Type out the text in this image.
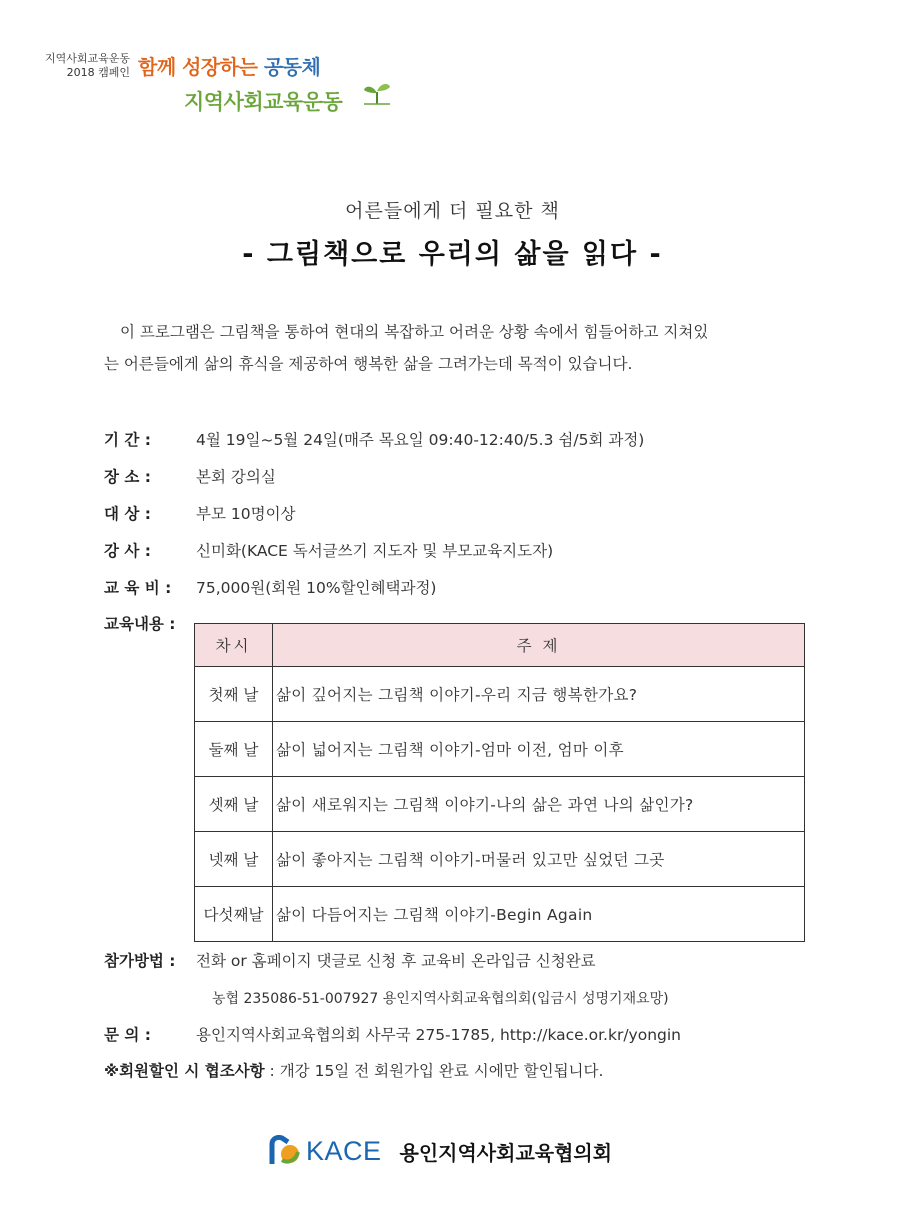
지역사회교육운동
2018 캠페인 함께 성장하는 공동체
지역사회교육운동
어른들에게 더 필요한 책
- 그림책으로 우리의 삶을 읽다 -
이 프로그램은 그림책을 통하여 현대의 복잡하고 어려운 상황 속에서 힘들어하고 지쳐있
는 어른들에게 삶의 휴식을 제공하여 행복한 삶을 그려가는데 목적이 있습니다.
기 간 :	4월 19일~5월 24일(매주 목요일 09:40-12:40/5.3 쉼/5회 과정)
장 소 :	본회 강의실
대 상 :	부모 10명이상
강 사 :	신미화(KACE 독서글쓰기 지도자 및 부모교육지도자)
교 육 비 : 75,000원(회원 10%할인혜택과정)
교육내용 :
차시	주 제
첫째 날	삶이 깊어지는 그림책 이야기-우리 지금 행복한가요?
둘째 날	삶이 넓어지는 그림책 이야기-엄마 이전, 엄마 이후
셋째 날	삶이 새로워지는 그림책 이야기-나의 삶은 과연 나의 삶인가?
넷째 날	삶이 좋아지는 그림책 이야기-머물러 있고만 싶었던 그곳
다섯째날	삶이 다듬어지는 그림책 이야기-Begin Again
참가방법 : 전화 or 홈페이지 댓글로 신청 후 교육비 온라입금 신청완료
농협 235086-51-007927 용인지역사회교육협의회(입금시 성명기재요망)
문 의 :	용인지역사회교육협의회 사무국 275-1785, http://kace.or.kr/yongin
※회원할인 시 협조사항 : 개강 15일 전 회원가입 완료 시에만 할인됩니다.
KACE 용인지역사회교육협의회
